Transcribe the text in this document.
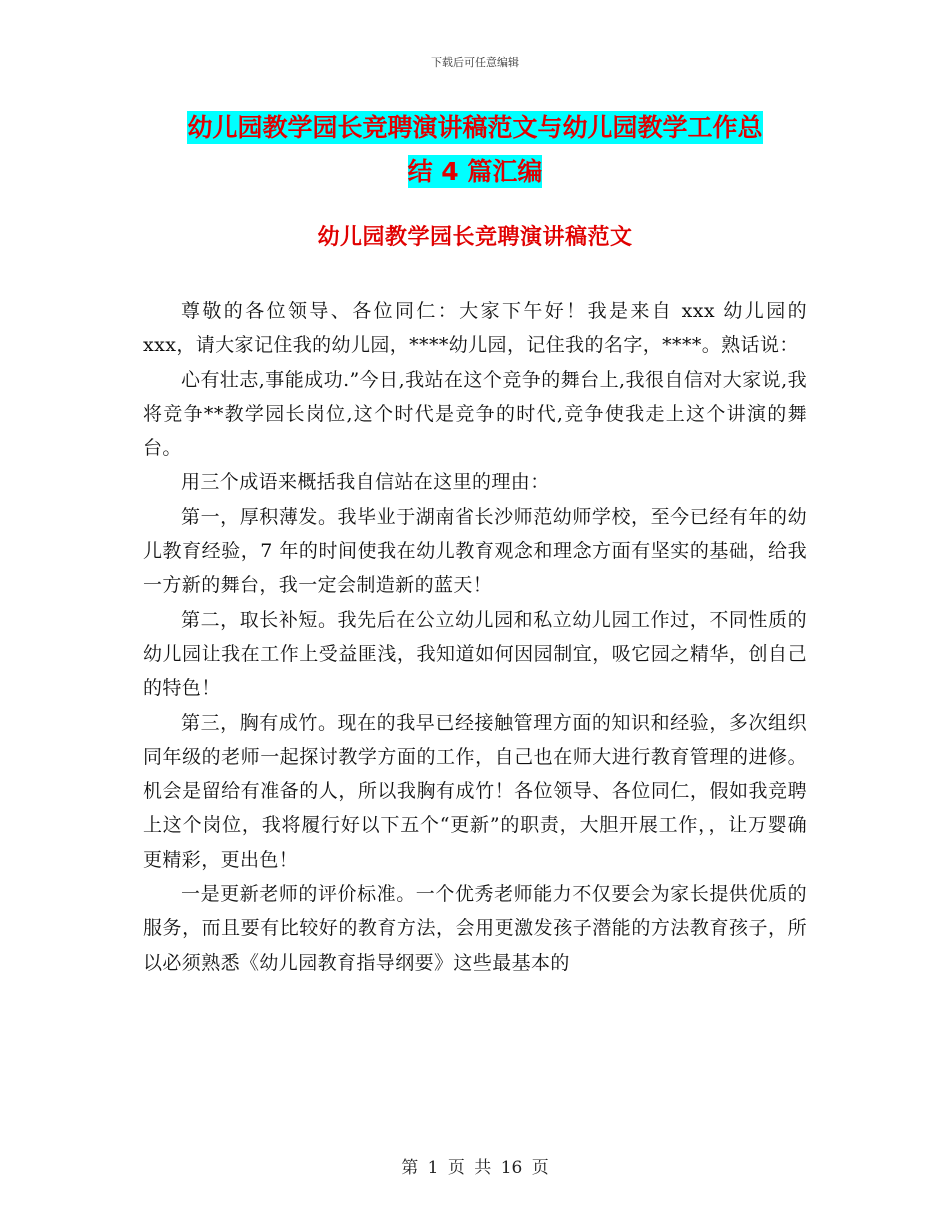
下载后可任意编辑
幼儿园教学园长竞聘演讲稿范文与幼儿园教学工作总
结 4 篇汇编
幼儿园教学园长竞聘演讲稿范文

尊敬的各位领导、各位同仁：大家下午好！我是来自 xxx 幼儿园的 xxx，请大家记住我的幼儿园，****幼儿园，记住我的名字，****。熟话说：

心有壮志,事能成功.”今日,我站在这个竞争的舞台上,我很自信对大家说,我将竞争**教学园长岗位,这个时代是竞争的时代,竞争使我走上这个讲演的舞台。

用三个成语来概括我自信站在这里的理由：

第一，厚积薄发。我毕业于湖南省长沙师范幼师学校，至今已经有年的幼儿教育经验，7 年的时间使我在幼儿教育观念和理念方面有坚实的基础，给我一方新的舞台，我一定会制造新的蓝天！

第二，取长补短。我先后在公立幼儿园和私立幼儿园工作过，不同性质的幼儿园让我在工作上受益匪浅，我知道如何因园制宜，吸它园之精华，创自己的特色！

第三，胸有成竹。现在的我早已经接触管理方面的知识和经验，多次组织同年级的老师一起探讨教学方面的工作，自己也在师大进行教育管理的进修。机会是留给有准备的人，所以我胸有成竹！各位领导、各位同仁，假如我竞聘上这个岗位，我将履行好以下五个“更新”的职责，大胆开展工作，，让万婴确更精彩，更出色！

一是更新老师的评价标准。一个优秀老师能力不仅要会为家长提供优质的服务，而且要有比较好的教育方法，会用更激发孩子潜能的方法教育孩子，所以必须熟悉《幼儿园教育指导纲要》这些最基本的

第 1 页 共 16 页
